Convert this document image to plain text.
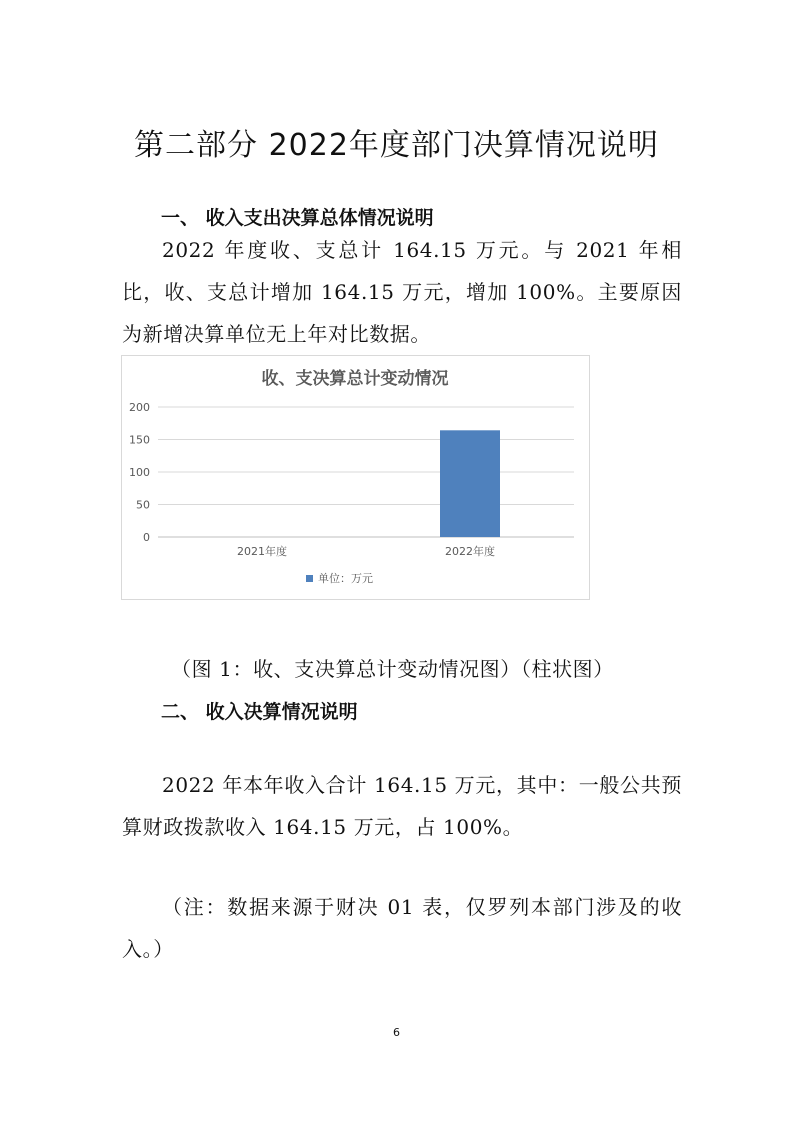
第二部分 2022年度部门决算情况说明
一、 收入支出决算总体情况说明

2022 年度收、支总计 164.15 万元。与 2021 年相比，收、支总计增加 164.15 万元，增加 100%。主要原因为新增决算单位无上年对比数据。

收、支决算总计变动情况
0
50
100
150
200
2021年度	2022年度
单位：万元
（图 1：收、支决算总计变动情况图）（柱状图）
二、 收入决算情况说明

2022 年本年收入合计 164.15 万元，其中：一般公共预算财政拨款收入 164.15 万元，占 100%。

（注：数据来源于财决 01 表，仅罗列本部门涉及的收入。）

6
